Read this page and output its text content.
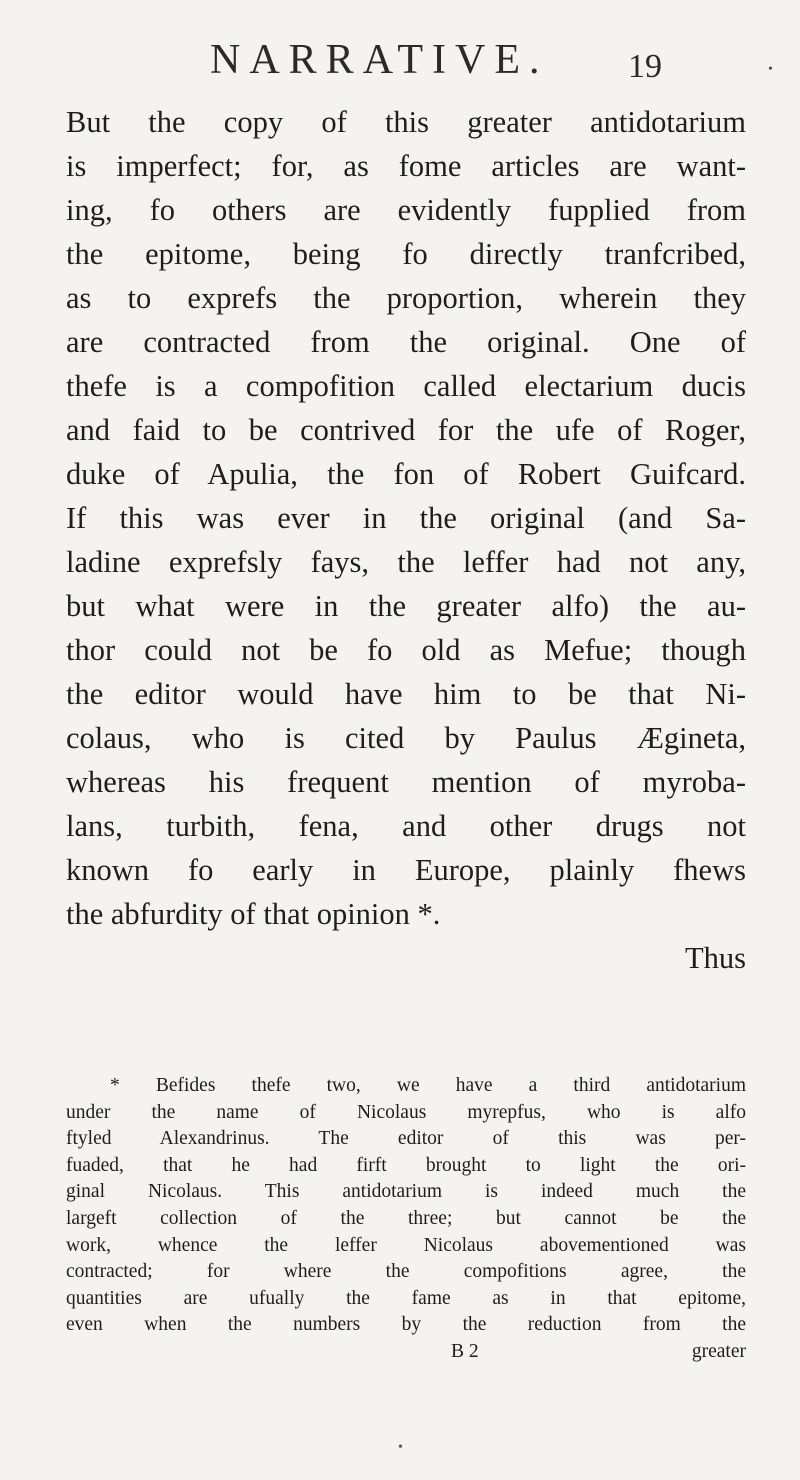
NARRATIVE. 19
But the copy of this greater antidotarium
is imperfect; for, as fome articles are want-
ing, fo others are evidently fupplied from
the epitome, being fo directly tranfcribed,
as to exprefs the proportion, wherein they
are contracted from the original. One of
thefe is a compofition called electarium ducis
and faid to be contrived for the ufe of Roger,
duke of Apulia, the fon of Robert Guifcard.
If this was ever in the original (and Sa-
ladine exprefsly fays, the leffer had not any,
but what were in the greater alfo) the au-
thor could not be fo old as Mefue; though
the editor would have him to be that Ni-
colaus, who is cited by Paulus Ægineta,
whereas his frequent mention of myroba-
lans, turbith, fena, and other drugs not
known fo early in Europe, plainly fhews
the abfurdity of that opinion *.
Thus
* Befides thefe two, we have a third antidotarium
under the name of Nicolaus myrepfus, who is alfo
ftyled Alexandrinus. The editor of this was per-
fuaded, that he had firft brought to light the ori-
ginal Nicolaus. This antidotarium is indeed much the
largeft collection of the three; but cannot be the
work, whence the leffer Nicolaus abovementioned was
contracted; for where the compofitions agree, the
quantities are ufually the fame as in that epitome,
even when the numbers by the reduction from the
B 2	greater
•
•
